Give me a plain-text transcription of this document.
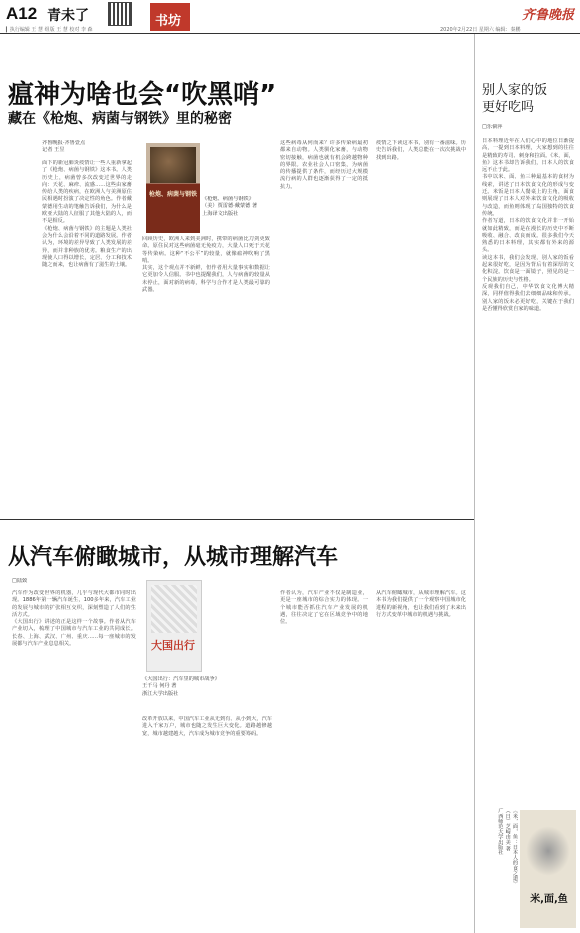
A12 青未了	书坊	齐鲁晚报
▎执行编辑 王 慧 组版 王 慧 校对 李 森	2020年2月22日 星期六 编辑：秦鹏
瘟神为啥也会“吹黑哨”
藏在《枪炮、病菌与钢铁》里的秘密
齐鲁晚报·齐鲁壹点
记者 王昱
枪炮、病菌与钢铁
《枪炮、病菌与钢铁》
（美）贾雷德·戴蒙德 著
上海译文出版社

面下的新冠肺炎疫情让一些人重新拿起了《枪炮、病菌与钢铁》这本书。人类历史上，病菌曾多次改变过世界的走向：天花、麻疹、流感……这些由家畜传给人类的疾病，在欧洲人与美洲原住民相遇时扮演了决定性的角色。作者戴蒙德用生动的笔触告诉我们，为什么是欧亚大陆的人征服了其他大陆的人，而不是相反。

《枪炮、病菌与钢铁》的主题是人类社会为什么会沿着不同的道路发展。作者认为，环境的差异导致了人类发展的差异，而并非种族的优劣。粮食生产的出现使人口得以增长，定居、分工和技术随之而来，也让病菌有了滋生的土壤。

回顾历史，欧洲人来到美洲时，携带的病菌比刀剑更致命。原住民对这些病菌毫无免疫力，大量人口死于天花等传染病。这种“不公平”的较量，就像瘟神吹响了黑哨。

其实，这个观点并不新鲜，但作者用大量事实和数据让它更加令人信服。书中也提醒我们，人与病菌的较量从未停止，面对新的病毒，科学与合作才是人类最可靠的武器。

这些病毒从何而来？许多传染病最初都来自动物。人类驯化家畜，与动物密切接触，病菌也就有机会跨越物种的界限。农业社会人口密集，为病菌的传播提供了条件，而经历过大规模流行病的人群也逐渐获得了一定的抵抗力。

疫情之下读这本书，别有一番滋味。历史告诉我们，人类总能在一次次挑战中找到出路。

从汽车俯瞰城市，从城市理解汽车
□陆致
大国出行
《大国出行：汽车里的城市战争》
王千马 何丹 著
浙江大学出版社

汽车作为改变世界的机器，几乎与现代大都市同时出现。1886年第一辆汽车诞生，100多年来，汽车工业的发展与城市的扩张相互交织，深刻塑造了人们的生活方式。

《大国出行》讲述的正是这样一个故事。作者从汽车产业切入，梳理了中国城市与汽车工业的共同成长。长春、上海、武汉、广州、重庆……每一座城市的发展都与汽车产业息息相关。

改革开放以来，中国汽车工业从无到有、从小到大，汽车进入千家万户，城市也随之发生巨大变化。道路越修越宽，城市越建越大，汽车成为城市竞争的重要筹码。

作者认为，汽车产业不仅是制造业，更是一座城市的综合实力的体现。一个城市能否抓住汽车产业发展的机遇，往往决定了它在区域竞争中的地位。

从汽车俯瞰城市，从城市理解汽车。这本书为我们提供了一个观察中国城市化进程的新视角，也让我们看到了未来出行方式变革中城市的机遇与挑战。

别人家的饭
更好吃吗
□乐倘萍

日本料理近年在人们心中的地位日渐提高，一提到日本料理，大家想到的往往是精致的寿司、刺身和拉面。《米，面，鱼》这本书却告诉我们，日本人的饮食远不止于此。

书中以米、面、鱼三种最基本的食材为线索，讲述了日本饮食文化的形成与变迁。米饭是日本人餐桌上的主角，面食则展现了日本人对外来饮食文化的吸收与改造，而鱼则体现了岛国独特的饮食传统。

作者写道，日本的饮食文化并非一开始就如此精致，而是在漫长的历史中不断吸收、融合、改良而成。很多我们今天熟悉的日本料理，其实都有外来的源头。

读这本书，我们会发现，别人家的饭看起来很好吃，是因为背后有着深厚的文化积淀。饮食是一面镜子，照见的是一个民族的历史与性格。

反观我们自己，中华饮食文化博大精深，同样值得我们去细细品味和传承。别人家的饭未必更好吃，关键在于我们是否懂得欣赏自家的味道。

米,面,鱼
《米，面，鱼：日本人的食之道》
（日）芝崎由美 著
广西师范大学出版社
